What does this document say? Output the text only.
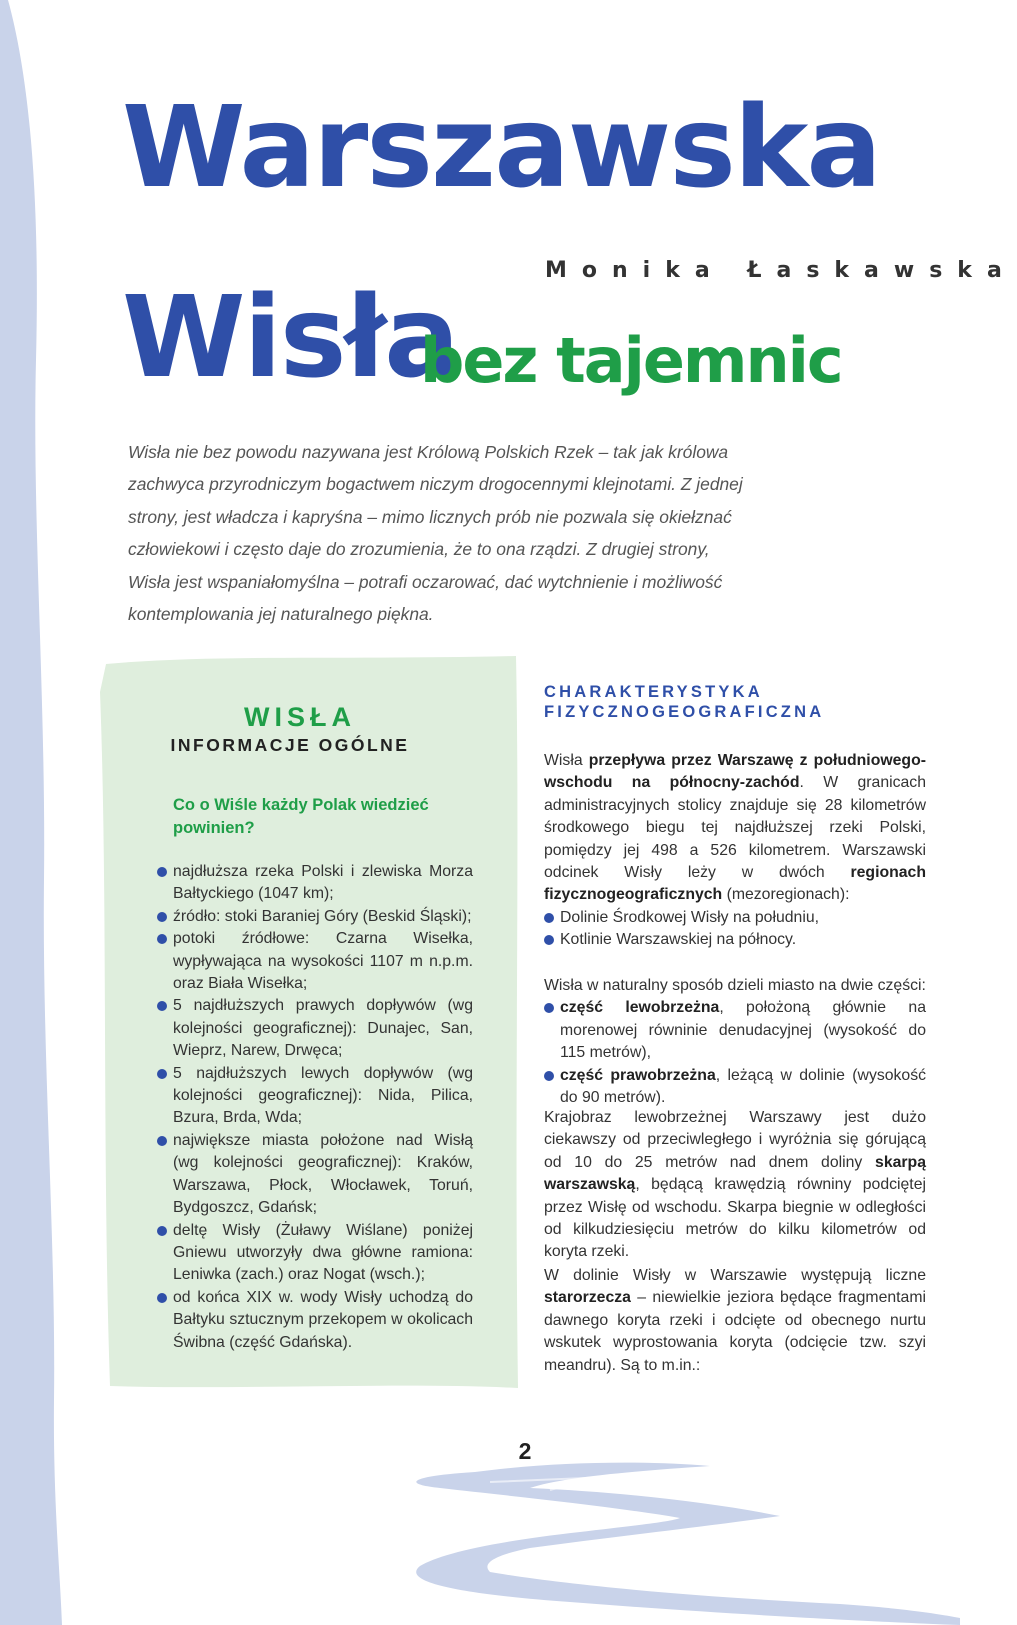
Warszawska
Wisła
bez tajemnic
Monika Łaskawska

Wisła nie bez powodu nazywana jest Królową Polskich Rzek – tak jak królowa zachwyca przyrodniczym bogactwem niczym drogocennymi klejnotami. Z jednej strony, jest władcza i kapryśna – mimo licznych prób nie pozwala się okiełznać człowiekowi i często daje do zrozumienia, że to ona rządzi. Z drugiej strony, Wisła jest wspaniałomyślna – potrafi oczarować, dać wytchnienie i możliwość kontemplowania jej naturalnego piękna.

WISŁA
INFORMACJE OGÓLNE

Co o Wiśle każdy Polak wiedzieć powinien?

najdłuższa rzeka Polski i zlewiska Morza Bałtyckiego (1047 km);
źródło: stoki Baraniej Góry (Beskid Śląski);
potoki źródłowe: Czarna Wisełka, wypływająca na wysokości 1107 m n.p.m. oraz Biała Wisełka;
5 najdłuższych prawych dopływów (wg kolejności geograficznej): Dunajec, San, Wieprz, Narew, Drwęca;
5 najdłuższych lewych dopływów (wg kolejności geograficznej): Nida, Pilica, Bzura, Brda, Wda;
największe miasta położone nad Wisłą (wg kolejności geograficznej): Kraków, Warszawa, Płock, Włocławek, Toruń, Bydgoszcz, Gdańsk;
deltę Wisły (Żuławy Wiślane) poniżej Gniewu utworzyły dwa główne ramiona: Leniwka (zach.) oraz Nogat (wsch.);
od końca XIX w. wody Wisły uchodzą do Bałtyku sztucznym przekopem w okolicach Świbna (część Gdańska).
CHARAKTERYSTYKA
FIZYCZNOGEOGRAFICZNA
Wisła przepływa przez Warszawę z południowego-wschodu na północny-zachód. W granicach administracyjnych stolicy znajduje się 28 kilometrów środkowego biegu tej najdłuższej rzeki Polski, pomiędzy jej 498 a 526 kilometrem. Warszawski odcinek Wisły leży w dwóch regionach fizycznogeograficznych (mezoregionach):
Dolinie Środkowej Wisły na południu,
Kotlinie Warszawskiej na północy.
Wisła w naturalny sposób dzieli miasto na dwie części:
część lewobrzeżna, położoną głównie na morenowej równinie denudacyjnej (wysokość do 115 metrów),
część prawobrzeżna, leżącą w dolinie (wysokość do 90 metrów).

Krajobraz lewobrzeżnej Warszawy jest dużo ciekawszy od przeciwległego i wyróżnia się górującą od 10 do 25 metrów nad dnem doliny skarpą warszawską, będącą krawędzią równiny podciętej przez Wisłę od wschodu. Skarpa biegnie w odległości od kilkudziesięciu metrów do kilku kilometrów od koryta rzeki.

W dolinie Wisły w Warszawie występują liczne starorzecza – niewielkie jeziora będące fragmentami dawnego koryta rzeki i odcięte od obecnego nurtu wskutek wyprostowania koryta (odcięcie tzw. szyi meandru). Są to m.in.:

2
